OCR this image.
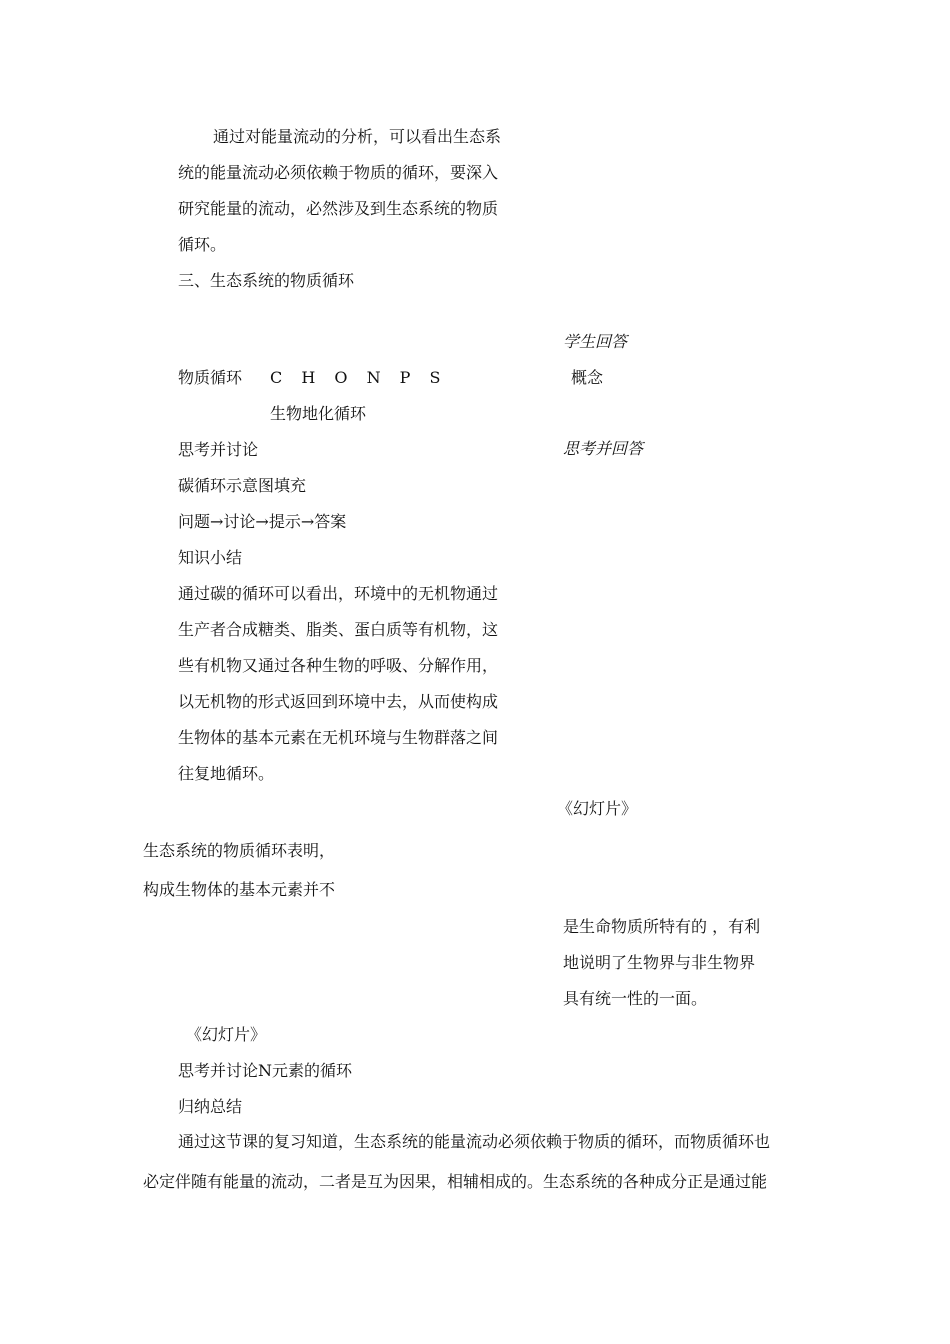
通过对能量流动的分析，可以看出生态系
统的能量流动必须依赖于物质的循环，要深入
研究能量的流动，必然涉及到生态系统的物质
循环。
三、生态系统的物质循环
学生回答
概念
思考并回答
《幻灯片》
物质循环 C H O N P S
生物地化循环
思考并讨论
碳循环示意图填充
问题→讨论→提示→答案
知识小结
通过碳的循环可以看出，环境中的无机物通过
生产者合成糖类、脂类、蛋白质等有机物，这
些有机物又通过各种生物的呼吸、分解作用，
以无机物的形式返回到环境中去，从而使构成
生物体的基本元素在无机环境与生物群落之间
往复地循环。
生态系统的物质循环表明，
构成生物体的基本元素并不
是生命物质所特有的 ，有利
地说明了生物界与非生物界
具有统一性的一面。
《幻灯片》
思考并讨论N元素的循环
归纳总结
通过这节课的复习知道，生态系统的能量流动必须依赖于物质的循环，而物质循环也
必定伴随有能量的流动，二者是互为因果，相辅相成的。生态系统的各种成分正是通过能
